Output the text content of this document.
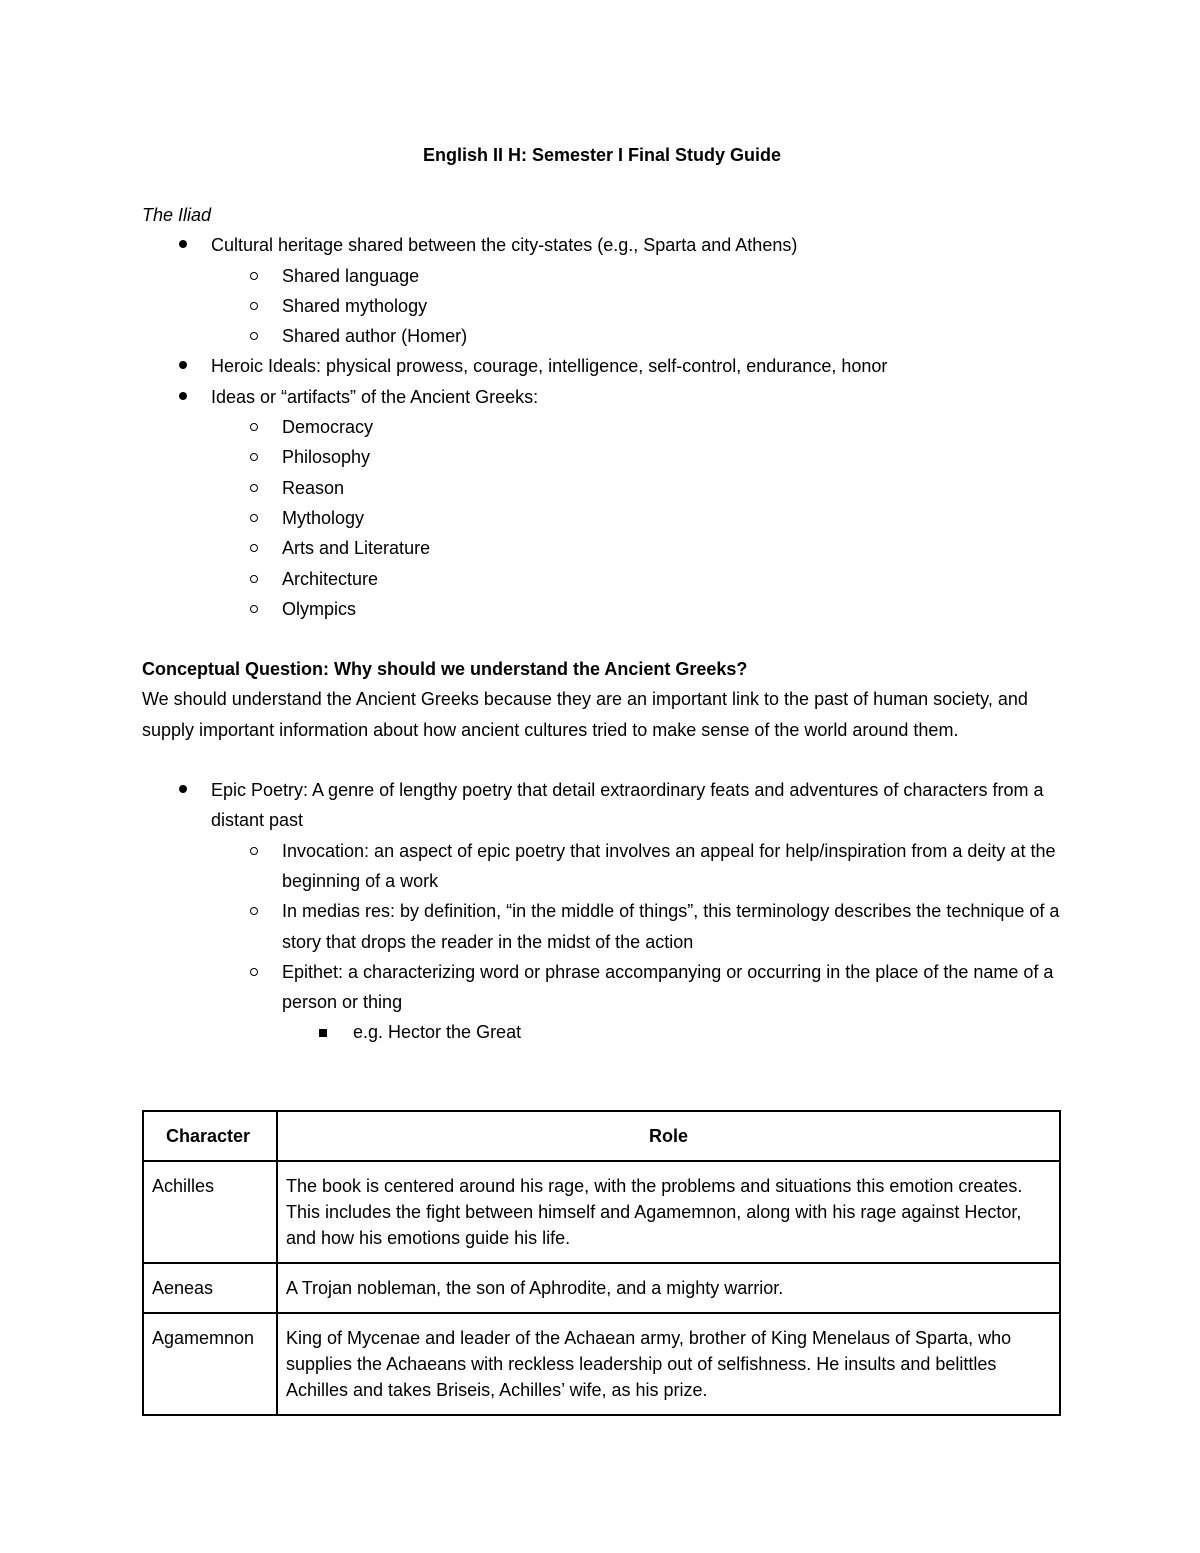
English II H: Semester I Final Study Guide

The Iliad

Cultural heritage shared between the city-states (e.g., Sparta and Athens)
Shared language
Shared mythology
Shared author (Homer)
Heroic Ideals: physical prowess, courage, intelligence, self-control, endurance, honor
Ideas or “artifacts” of the Ancient Greeks:
Democracy
Philosophy
Reason
Mythology
Arts and Literature
Architecture
Olympics

Conceptual Question: Why should we understand the Ancient Greeks?

We should understand the Ancient Greeks because they are an important link to the past of human society, and supply important information about how ancient cultures tried to make sense of the world around them.

Epic Poetry: A genre of lengthy poetry that detail extraordinary feats and adventures of characters from a distant past
Invocation: an aspect of epic poetry that involves an appeal for help/inspiration from a deity at the beginning of a work
In medias res: by definition, “in the middle of things”, this terminology describes the technique of a story that drops the reader in the midst of the action
Epithet: a characterizing word or phrase accompanying or occurring in the place of the name of a person or thing
e.g. Hector the Great
Character	Role
Achilles	The book is centered around his rage, with the problems and situations this emotion creates. This includes the fight between himself and Agamemnon, along with his rage against Hector, and how his emotions guide his life.
Aeneas	A Trojan nobleman, the son of Aphrodite, and a mighty warrior.
Agamemnon	King of Mycenae and leader of the Achaean army, brother of King Menelaus of Sparta, who supplies the Achaeans with reckless leadership out of selfishness. He insults and belittles Achilles and takes Briseis, Achilles’ wife, as his prize.
